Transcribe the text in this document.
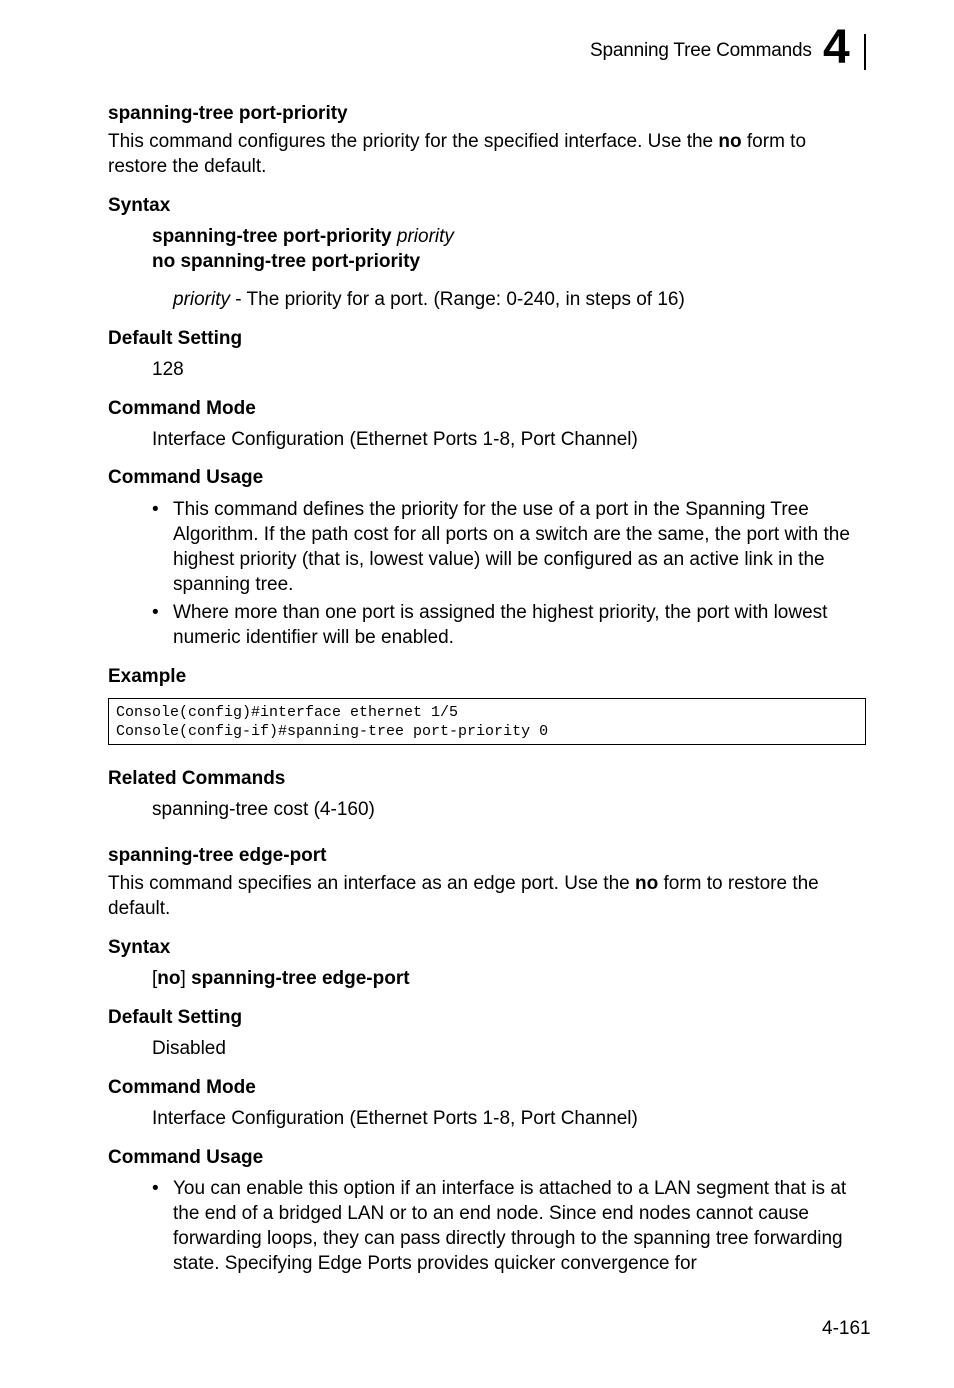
Spanning Tree Commands 4
spanning-tree port-priority
This command configures the priority for the specified interface. Use the no form to restore the default.
Syntax
spanning-tree port-priority priority
no spanning-tree port-priority
priority - The priority for a port. (Range: 0-240, in steps of 16)
Default Setting
128
Command Mode
Interface Configuration (Ethernet Ports 1-8, Port Channel)
Command Usage
• This command defines the priority for the use of a port in the Spanning Tree Algorithm. If the path cost for all ports on a switch are the same, the port with the highest priority (that is, lowest value) will be configured as an active link in the spanning tree.
• Where more than one port is assigned the highest priority, the port with lowest numeric identifier will be enabled.
Example
Console(config)#interface ethernet 1/5
Console(config-if)#spanning-tree port-priority 0
Related Commands
spanning-tree cost (4-160)
spanning-tree edge-port
This command specifies an interface as an edge port. Use the no form to restore the default.
Syntax
[no] spanning-tree edge-port
Default Setting
Disabled
Command Mode
Interface Configuration (Ethernet Ports 1-8, Port Channel)
Command Usage
• You can enable this option if an interface is attached to a LAN segment that is at the end of a bridged LAN or to an end node. Since end nodes cannot cause forwarding loops, they can pass directly through to the spanning tree forwarding state. Specifying Edge Ports provides quicker convergence for
4-161
